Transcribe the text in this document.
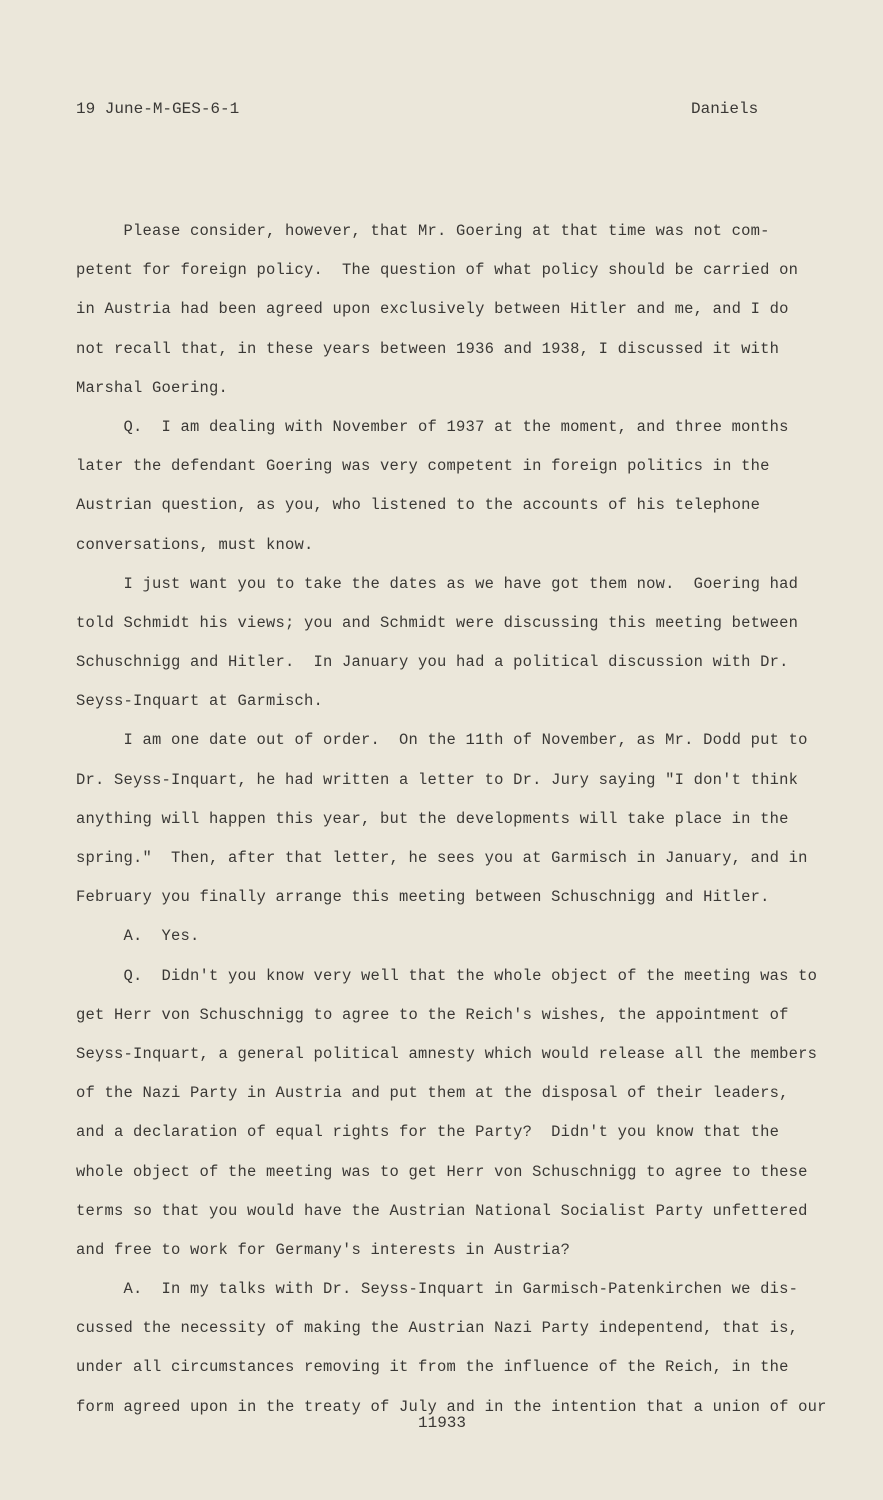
19 June-M-GES-6-1	Daniels
Please consider, however, that Mr. Goering at that time was not com-
petent for foreign policy.  The question of what policy should be carried on
in Austria had been agreed upon exclusively between Hitler and me, and I do
not recall that, in these years between 1936 and 1938, I discussed it with
Marshal Goering.
Q.  I am dealing with November of 1937 at the moment, and three months
later the defendant Goering was very competent in foreign politics in the
Austrian question, as you, who listened to the accounts of his telephone
conversations, must know.
I just want you to take the dates as we have got them now.  Goering had
told Schmidt his views; you and Schmidt were discussing this meeting between
Schuschnigg and Hitler.  In January you had a political discussion with Dr.
Seyss-Inquart at Garmisch.
I am one date out of order.  On the 11th of November, as Mr. Dodd put to
Dr. Seyss-Inquart, he had written a letter to Dr. Jury saying "I don't think
anything will happen this year, but the developments will take place in the
spring."  Then, after that letter, he sees you at Garmisch in January, and in
February you finally arrange this meeting between Schuschnigg and Hitler.
A.  Yes.
Q.  Didn't you know very well that the whole object of the meeting was to
get Herr von Schuschnigg to agree to the Reich's wishes, the appointment of
Seyss-Inquart, a general political amnesty which would release all the members
of the Nazi Party in Austria and put them at the disposal of their leaders,
and a declaration of equal rights for the Party?  Didn't you know that the
whole object of the meeting was to get Herr von Schuschnigg to agree to these
terms so that you would have the Austrian National Socialist Party unfettered
and free to work for Germany's interests in Austria?
A.  In my talks with Dr. Seyss-Inquart in Garmisch-Patenkirchen we dis-
cussed the necessity of making the Austrian Nazi Party indepentend, that is,
under all circumstances removing it from the influence of the Reich, in the
form agreed upon in the treaty of July and in the intention that a union of our
11933
